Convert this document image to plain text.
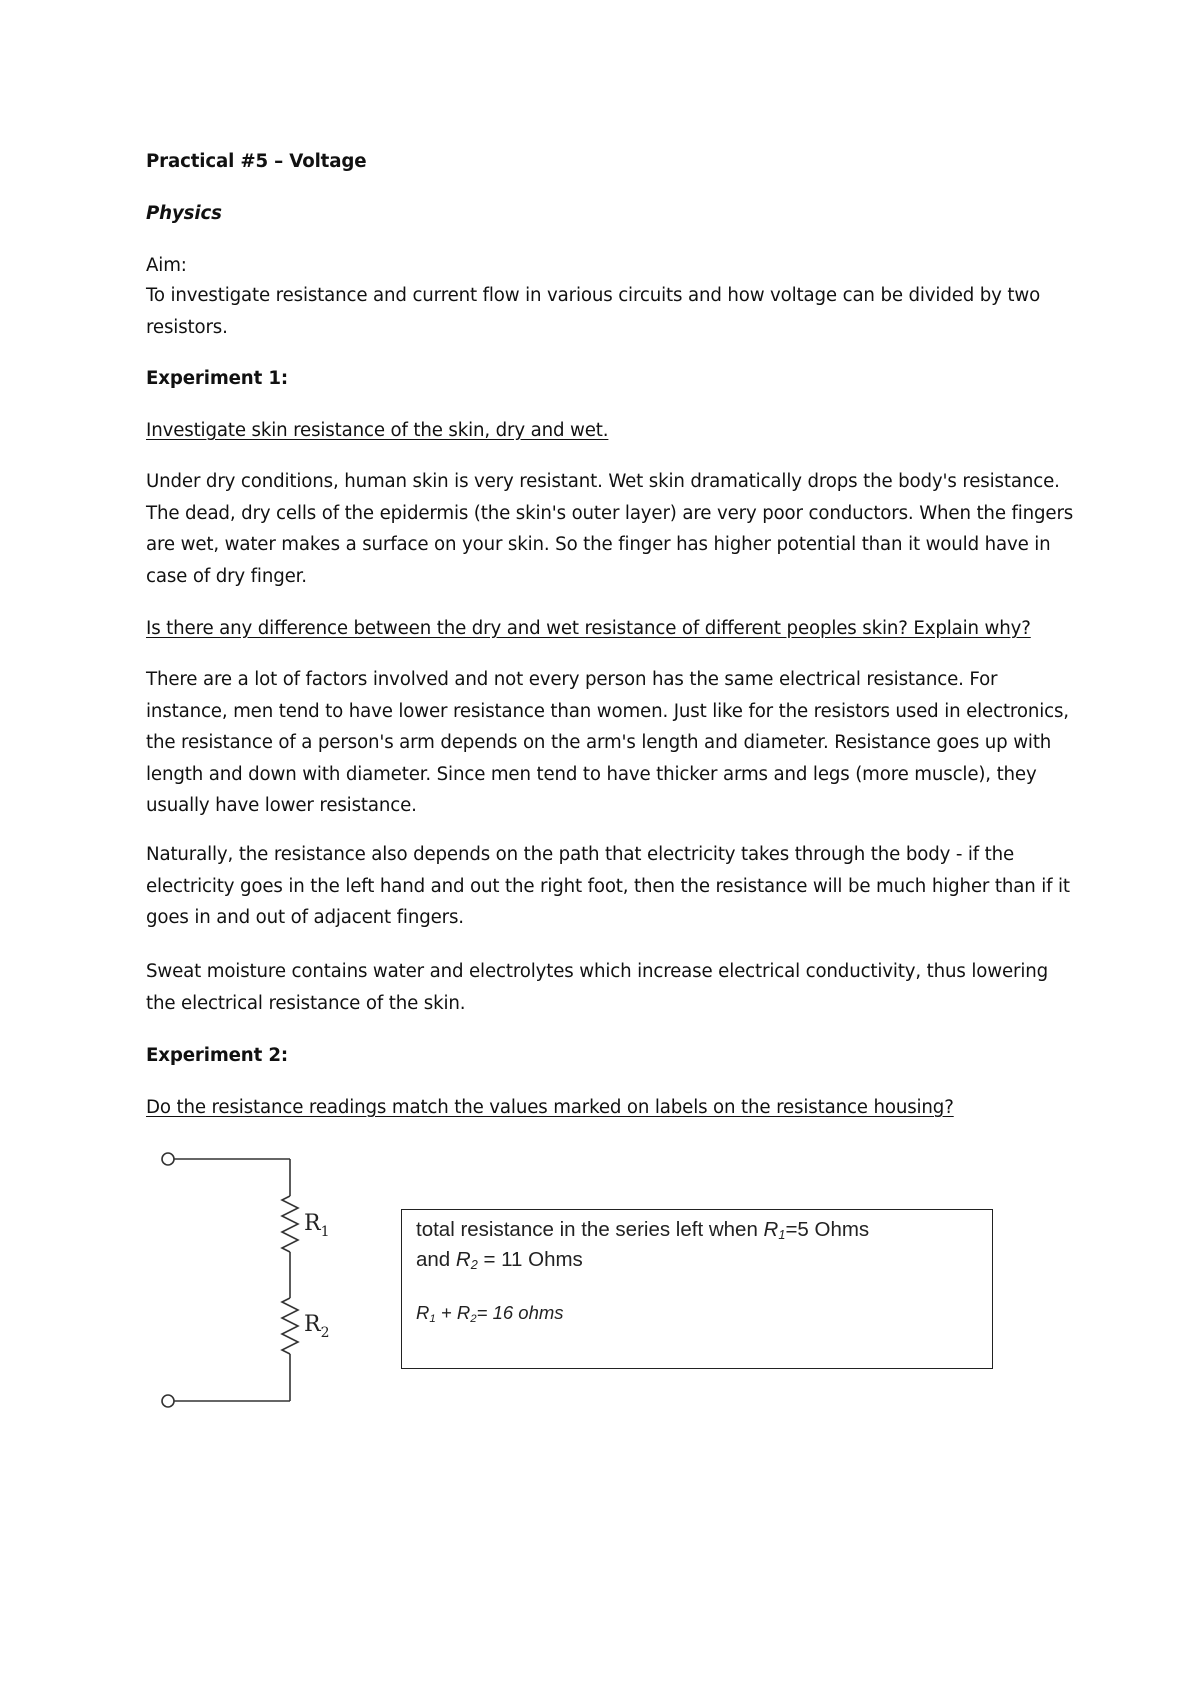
Practical #5 – Voltage

Physics

Aim:

To investigate resistance and current flow in various circuits and how voltage can be divided by two resistors.

Experiment 1:

Investigate skin resistance of the skin, dry and wet.

Under dry conditions, human skin is very resistant. Wet skin dramatically drops the body's resistance. The dead, dry cells of the epidermis (the skin's outer layer) are very poor conductors. When the fingers are wet, water makes a surface on your skin. So the finger has higher potential than it would have in case of dry finger.

Is there any difference between the dry and wet resistance of different peoples skin? Explain why?

There are a lot of factors involved and not every person has the same electrical resistance. For instance, men tend to have lower resistance than women. Just like for the resistors used in electronics, the resistance of a person's arm depends on the arm's length and diameter. Resistance goes up with length and down with diameter. Since men tend to have thicker arms and legs (more muscle), they usually have lower resistance.

Naturally, the resistance also depends on the path that electricity takes through the body - if the electricity goes in the left hand and out the right foot, then the resistance will be much higher than if it goes in and out of adjacent fingers.

Sweat moisture contains water and electrolytes which increase electrical conductivity, thus lowering the electrical resistance of the skin.

Experiment 2:

Do the resistance readings match the values marked on labels on the resistance housing?

$R_1$
$R_2$

total resistance in the series left when $R_1=5$ Ohms

and $R_2 = 11$ Ohms

$R_1 + R_2= 16$ ohms
